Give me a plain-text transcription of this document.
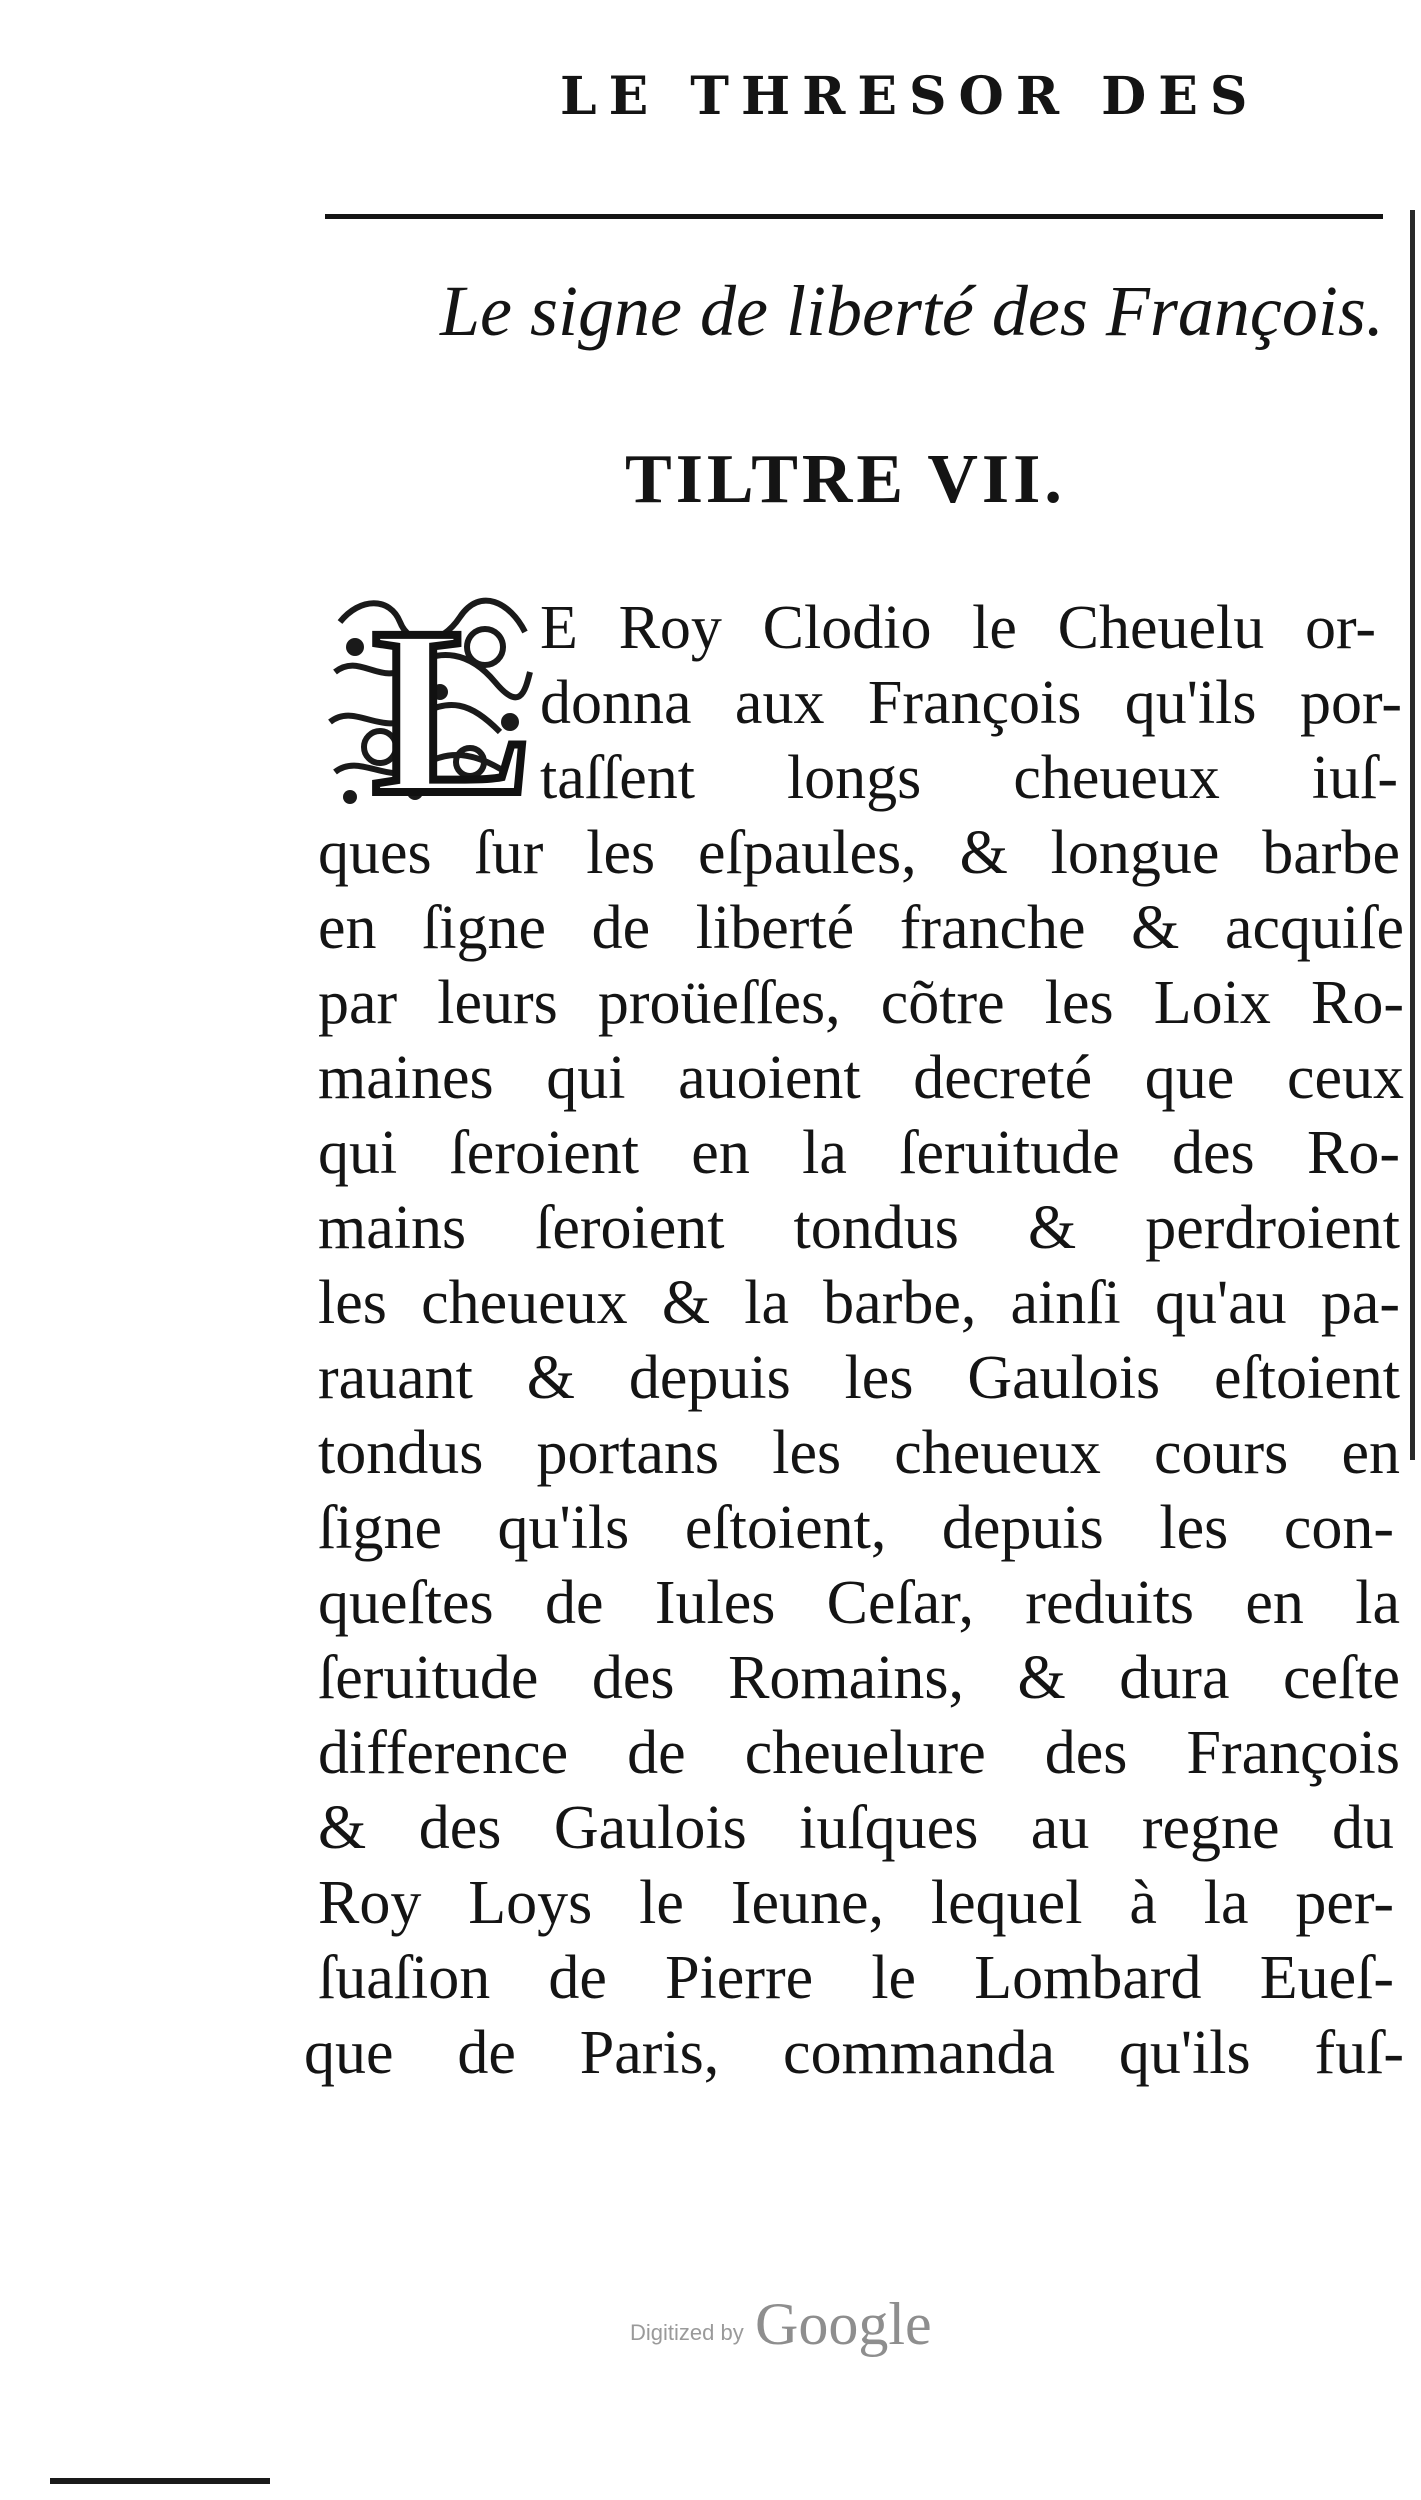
LE THRESOR DES
Le signe de liberté des François.
TILTRE VII.
L E Roy Clodio le Cheuelu or-
donna aux François qu'ils por-
taſſent longs cheueux iuſ-
ques ſur les eſpaules, & longue barbe
en ſigne de liberté franche & acquiſe
par leurs proüeſſes, cõtre les Loix Ro-
maines qui auoient decreté que ceux
qui ſeroient en la ſeruitude des Ro-
mains ſeroient tondus & perdroient
les cheueux & la barbe, ainſi qu'au pa-
rauant & depuis les Gaulois eſtoient
tondus portans les cheueux cours en
ſigne qu'ils eſtoient, depuis les con-
queſtes de Iules Ceſar, reduits en la
ſeruitude des Romains, & dura ceſte
difference de cheuelure des François
& des Gaulois iuſques au regne du
Roy Loys le Ieune, lequel à la per-
ſuaſion de Pierre le Lombard Eueſ-
que de Paris, commanda qu'ils fuſ-
Digitized by Google
